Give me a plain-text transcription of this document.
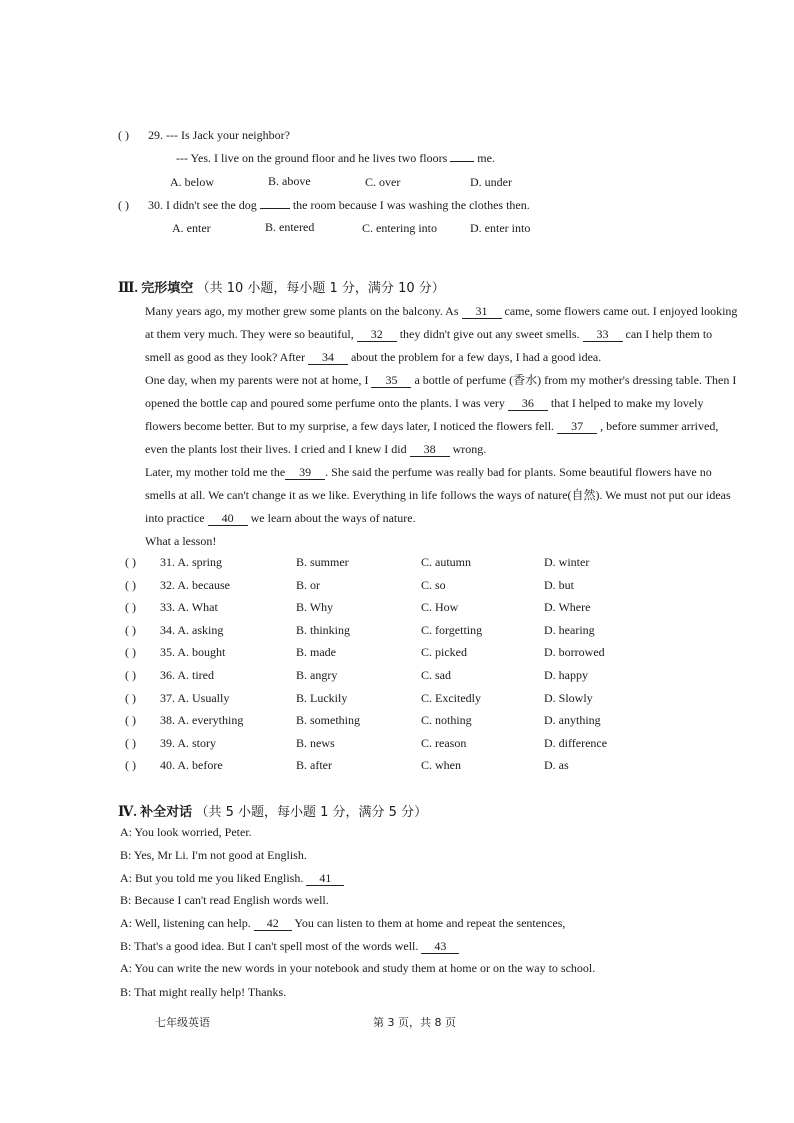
( ) 29. --- Is Jack your neighbor?
--- Yes. I live on the ground floor and he lives two floors	me.
A. below	B. above	C. over	D. under
( ) 30. I didn't see the dog	the room because I was washing the clothes then.
A. enter	B. entered	C. entering into	D. enter into
Ⅲ. 完形填空 （共 10 小题，每小题 1 分，满分 10 分）

Many years ago, my mother grew some plants on the balcony. As 31 came, some flowers came out. I enjoyed looking at them very much. They were so beautiful, 32 they didn't give out any sweet smells. 33 can I help them to smell as good as they look? After 34 about the problem for a few days, I had a good idea.

One day, when my parents were not at home, I 35 a bottle of perfume (香水) from my mother's dressing table. Then I opened the bottle cap and poured some perfume onto the plants. I was very 36 that I helped to make my lovely flowers become better. But to my surprise, a few days later, I noticed the flowers fell. 37 , before summer arrived, even the plants lost their lives. I cried and I knew I did 38 wrong.

Later, my mother told me the 39 . She said the perfume was really bad for plants. Some beautiful flowers have no smells at all. We can't change it as we like. Everything in life follows the ways of nature(自然). We must not put our ideas into practice 40 we learn about the ways of nature.

What a lesson!

( ) 31. A. spring	B. summer	C. autumn	D. winter
( ) 32. A. because	B. or	C. so	D. but
( ) 33. A. What	B. Why	C. How	D. Where
( ) 34. A. asking	B. thinking	C. forgetting	D. hearing
( ) 35. A. bought	B. made	C. picked	D. borrowed
( ) 36. A. tired	B. angry	C. sad	D. happy
( ) 37. A. Usually	B. Luckily	C. Excitedly	D. Slowly
( ) 38. A. everything	B. something	C. nothing	D. anything
( ) 39. A. story	B. news	C. reason	D. difference
( ) 40. A. before	B. after	C. when	D. as
Ⅳ. 补全对话 （共 5 小题，每小题 1 分，满分 5 分）
A: You look worried, Peter.
B: Yes, Mr Li. I'm not good at English.
A: But you told me you liked English. 41
B: Because I can't read English words well.
A: Well, listening can help. 42 You can listen to them at home and repeat the sentences,
B: That's a good idea. But I can't spell most of the words well. 43
A: You can write the new words in your notebook and study them at home or on the way to school.
B: That might really help! Thanks.
七年级英语	第 3 页，共 8 页
